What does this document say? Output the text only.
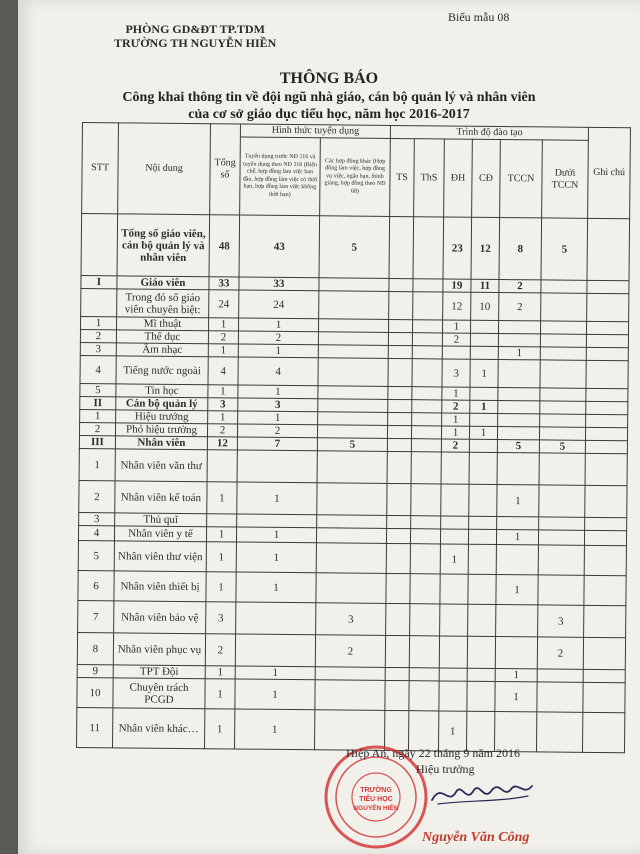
PHÒNG GD&ĐT TP.TDM
TRƯỜNG TH NGUYỄN HIỀN
Biểu mẫu 08
THÔNG BÁO
Công khai thông tin về đội ngũ nhà giáo, cán bộ quản lý và nhân viên
của cơ sở giáo dục tiểu học, năm học 2016-2017
STT	Nội dung	Tổng số	Hình thức tuyển dụng		Trình độ đào tạo						Ghi chú
			Tuyển dụng trước NĐ 116 và tuyển dụng theo NĐ 116 (Biên chế, hợp đồng làm việc ban đầu, hợp đồng làm việc có thời hạn, hợp đồng làm việc không thời hạn)	Các hợp đồng khác (Hợp đồng làm việc, hợp đồng vụ việc, ngắn hạn, thỉnh giảng, hợp đồng theo NĐ 68)	TS	ThS	ĐH	CĐ	TCCN	Dưới TCCN	
	Tổng số giáo viên, cán bộ quản lý và nhân viên	48	43	5			23	12	8	5	
I	Giáo viên	33	33				19	11	2		
	Trong đó số giáo viên chuyên biệt:	24	24				12	10	2		
1	Mĩ thuật	1	1				1				
2	Thể dục	2	2				2				
3	Âm nhạc	1	1						1		
4	Tiếng nước ngoài	4	4				3	1			
5	Tin học	1	1				1				
II	Cán bộ quản lý	3	3				2	1			
1	Hiệu trưởng	1	1				1				
2	Phó hiệu trưởng	2	2				1	1			
III	Nhân viên	12	7	5			2		5	5	
1	Nhân viên văn thư										
2	Nhân viên kế toán	1	1						1		
3	Thủ quĩ										
4	Nhân viên y tế	1	1						1		
5	Nhân viên thư viện	1	1				1				
6	Nhân viên thiết bị	1	1						1		
7	Nhân viên bảo vệ	3		3						3	
8	Nhân viên phục vụ	2		2						2	
9	TPT Đội	1	1						1		
10	Chuyên trách PCGD	1	1						1		
11	Nhân viên khác…	1	1				1				
TRƯỜNG
TIỂU HỌC
NGUYỄN HIỀN
Hiệp An, ngày 22 tháng 9 năm 2016
Hiệu trưởng
Nguyễn Văn Công
